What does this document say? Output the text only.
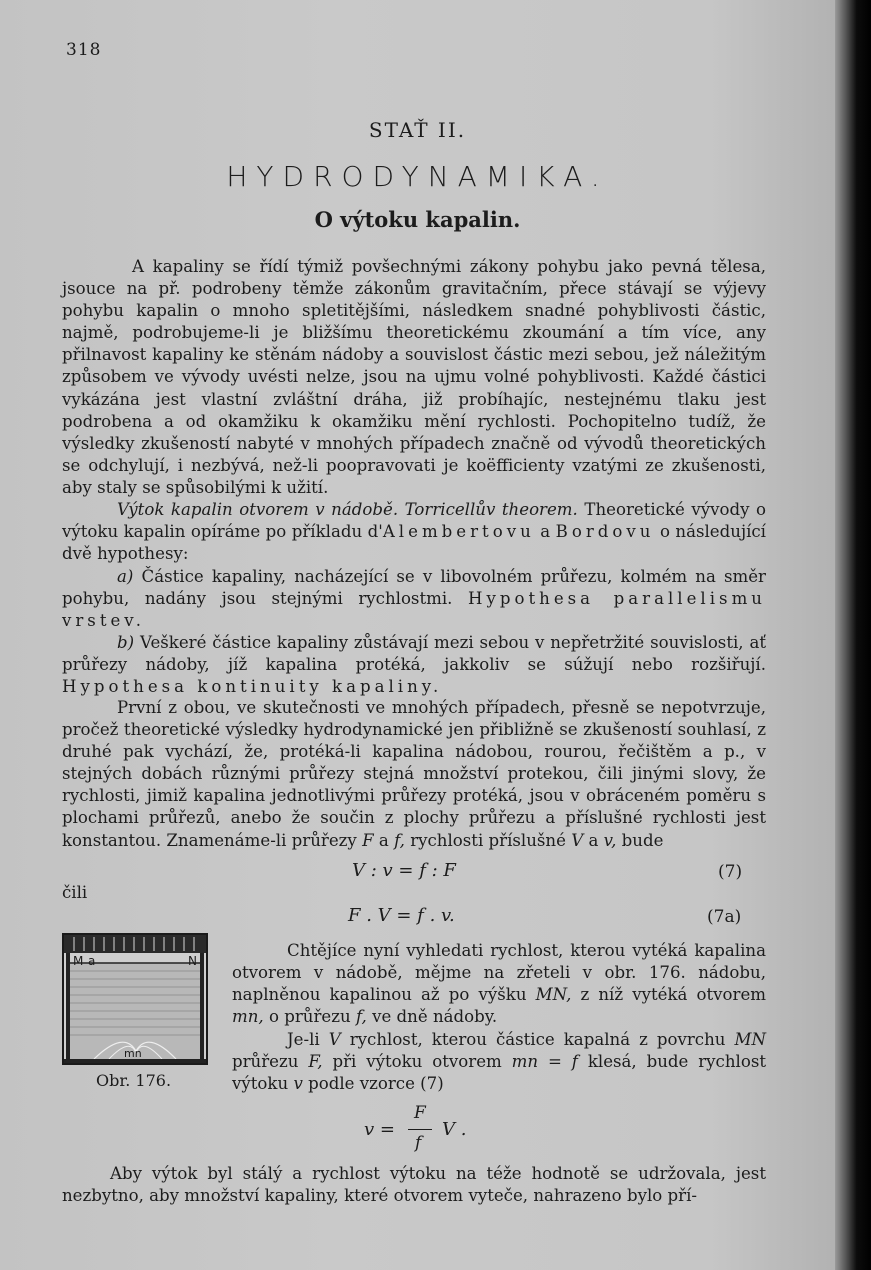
318
STAŤ II.
HYDRODYNAMIKA.
O výtoku kapalin.
A kapaliny se řídí týmiž povšechnými zákony pohybu jako pevná tělesa, jsouce na př. podrobeny těmže zákonům gravitačním, přece stávají se výjevy pohybu kapalin o mnoho spletitějšími, následkem snadné pohyblivosti částic, najmě, podrobujeme-li je bližšímu theoretickému zkoumání a tím více, any přilnavost kapaliny ke stěnám nádoby a souvislost částic mezi sebou, jež náležitým způsobem ve vývody uvésti nelze, jsou na ujmu volné pohyblivosti. Každé částici vykázána jest vlastní zvláštní dráha, již probíhajíc, nestejnému tlaku jest podrobena a od okamžiku k okamžiku mění rychlosti. Pochopitelno tudíž, že výsledky zkušeností nabyté v mnohých případech značně od vývodů theoretických se odchylují, i nezbývá, než-li poopravovati je koëfficienty vzatými ze zkušenosti, aby staly se spůsobilými k užití.
Výtok kapalin otvorem v nádobě. Torricellův theorem. Theoretické vývody o výtoku kapalin opíráme po příkladu d'Alembertovu a Bordovu o následující dvě hypothesy:
a) Částice kapaliny, nacházející se v libovolném průřezu, kolmém na směr pohybu, nadány jsou stejnými rychlostmi. Hypothesa parallelismu vrstev.
b) Veškeré částice kapaliny zůstávají mezi sebou v nepřetržité souvislosti, ať průřezy nádoby, jíž kapalina protéká, jakkoliv se súžují nebo rozšiřují. Hypothesa kontinuity kapaliny.
První z obou, ve skutečnosti ve mnohých případech, přesně se nepotvrzuje, pročež theoretické výsledky hydrodynamické jen přibližně se zkušeností souhlasí, z druhé pak vychází, že, protéká-li kapalina nádobou, rourou, řečištěm a p., v stejných dobách různými průřezy stejná množství protekou, čili jinými slovy, že rychlosti, jimiž kapalina jednotlivými průřezy protéká, jsou v obráceném poměru s plochami průřezů, anebo že součin z plochy průřezu a příslušné rychlosti jest konstantou. Znamenáme-li průřezy F a f, rychlosti příslušné V a v, bude
V : v = f : F	(7)
čili
F . V = f . v.	(7a)
M a	N
mn
Obr. 176.
Chtějíce nyní vyhledati rychlost, kterou vytéká kapalina otvorem v nádobě, mějme na zřeteli v obr. 176. nádobu, naplněnou kapalinou až po výšku MN, z níž vytéká otvorem mn, o průřezu f, ve dně nádoby.
Je-li V rychlost, kterou částice kapalná z povrchu MN průřezu F, při výtoku otvorem mn = f klesá, bude rychlost výtoku v podle vzorce (7)
v =
F
f
V .
Aby výtok byl stálý a rychlost výtoku na téže hodnotě se udržovala, jest nezbytno, aby množství kapaliny, které otvorem vyteče, nahrazeno bylo pří-
